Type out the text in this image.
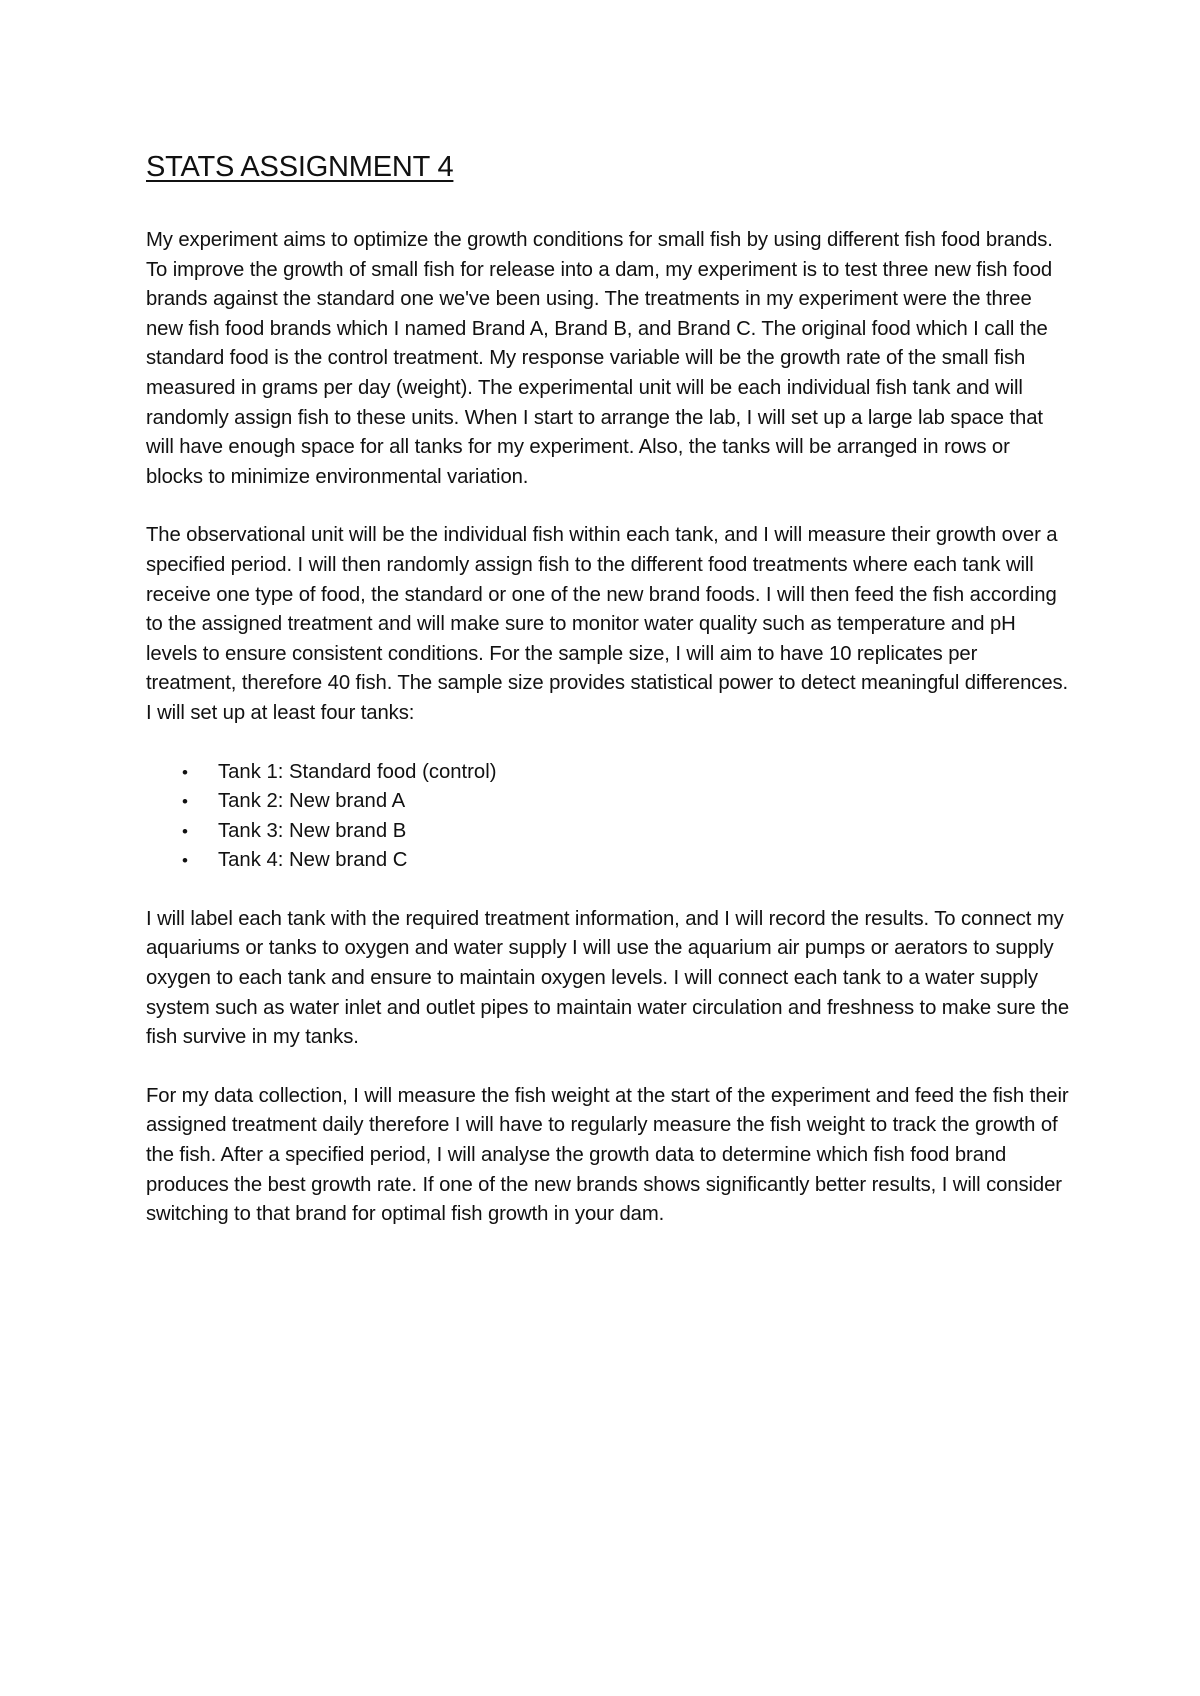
STATS ASSIGNMENT 4

My experiment aims to optimize the growth conditions for small fish by using different fish food brands. To improve the growth of small fish for release into a dam, my experiment is to test three new fish food brands against the standard one we've been using. The treatments in my experiment were the three new fish food brands which I named Brand A, Brand B, and Brand C. The original food which I call the standard food is the control treatment. My response variable will be the growth rate of the small fish measured in grams per day (weight). The experimental unit will be each individual fish tank and will randomly assign fish to these units. When I start to arrange the lab, I will set up a large lab space that will have enough space for all tanks for my experiment. Also, the tanks will be arranged in rows or blocks to minimize environmental variation.

The observational unit will be the individual fish within each tank, and I will measure their growth over a specified period. I will then randomly assign fish to the different food treatments where each tank will receive one type of food, the standard or one of the new brand foods. I will then feed the fish according to the assigned treatment and will make sure to monitor water quality such as temperature and pH levels to ensure consistent conditions. For the sample size, I will aim to have 10 replicates per treatment, therefore 40 fish. The sample size provides statistical power to detect meaningful differences. I will set up at least four tanks:

• Tank 1: Standard food (control)
• Tank 2: New brand A
• Tank 3: New brand B
• Tank 4: New brand C

I will label each tank with the required treatment information, and I will record the results. To connect my aquariums or tanks to oxygen and water supply I will use the aquarium air pumps or aerators to supply oxygen to each tank and ensure to maintain oxygen levels. I will connect each tank to a water supply system such as water inlet and outlet pipes to maintain water circulation and freshness to make sure the fish survive in my tanks.

For my data collection, I will measure the fish weight at the start of the experiment and feed the fish their assigned treatment daily therefore I will have to regularly measure the fish weight to track the growth of the fish. After a specified period, I will analyse the growth data to determine which fish food brand produces the best growth rate. If one of the new brands shows significantly better results, I will consider switching to that brand for optimal fish growth in your dam.
